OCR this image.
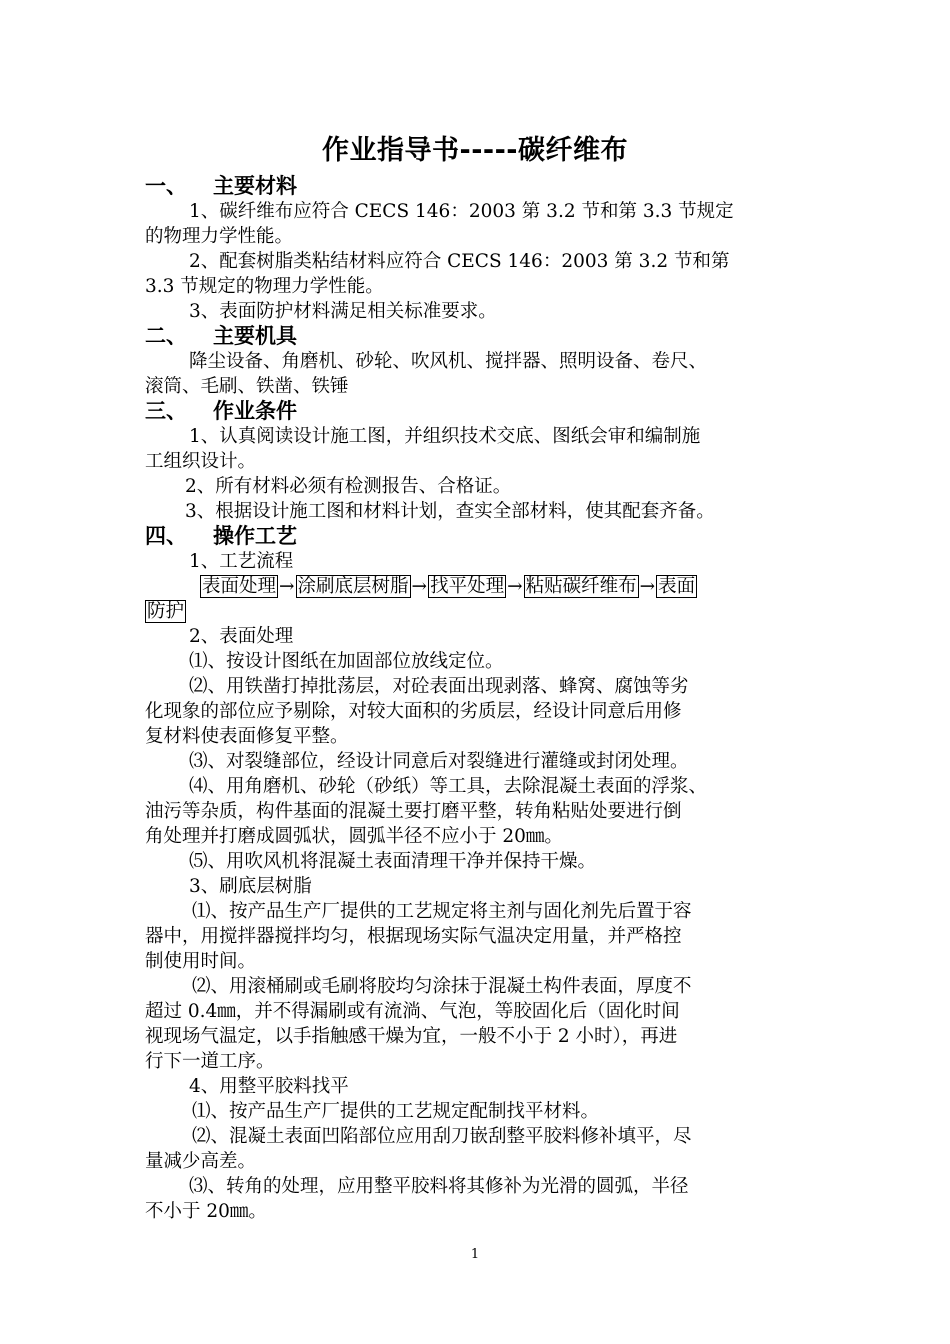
作业指导书-----碳纤维布
一、 主要材料
1、碳纤维布应符合 CECS 146：2003 第 3.2 节和第 3.3 节规定
的物理力学性能。
2、配套树脂类粘结材料应符合 CECS 146：2003 第 3.2 节和第
3.3 节规定的物理力学性能。
3、表面防护材料满足相关标准要求。
二、 主要机具
降尘设备、角磨机、砂轮、吹风机、搅拌器、照明设备、卷尺、
滚筒、毛刷、铁凿、铁锤
三、 作业条件
1、认真阅读设计施工图，并组织技术交底、图纸会审和编制施
工组织设计。
2、所有材料必须有检测报告、合格证。
3、根据设计施工图和材料计划，查实全部材料，使其配套齐备。
四、 操作工艺
1、工艺流程
表面处理 → 涂刷底层树脂 → 找平处理 → 粘贴碳纤维布 → 表面
防护
2、表面处理
⑴、按设计图纸在加固部位放线定位。
⑵、用铁凿打掉批荡层，对砼表面出现剥落、蜂窝、腐蚀等劣
化现象的部位应予剔除，对较大面积的劣质层，经设计同意后用修
复材料使表面修复平整。
⑶、对裂缝部位，经设计同意后对裂缝进行灌缝或封闭处理。
⑷、用角磨机、砂轮（砂纸）等工具，去除混凝土表面的浮浆、
油污等杂质，构件基面的混凝土要打磨平整，转角粘贴处要进行倒
角处理并打磨成圆弧状，圆弧半径不应小于 20㎜。
⑸、用吹风机将混凝土表面清理干净并保持干燥。
3、刷底层树脂
⑴、按产品生产厂提供的工艺规定将主剂与固化剂先后置于容
器中，用搅拌器搅拌均匀，根据现场实际气温决定用量，并严格控
制使用时间。
⑵、用滚桶刷或毛刷将胶均匀涂抹于混凝土构件表面，厚度不
超过 0.4㎜，并不得漏刷或有流淌、气泡，等胶固化后（固化时间
视现场气温定，以手指触感干燥为宜，一般不小于 2 小时），再进
行下一道工序。
4、用整平胶料找平
⑴、按产品生产厂提供的工艺规定配制找平材料。
⑵、混凝土表面凹陷部位应用刮刀嵌刮整平胶料修补填平，尽
量减少高差。
⑶、转角的处理，应用整平胶料将其修补为光滑的圆弧，半径
不小于 20㎜。
1
